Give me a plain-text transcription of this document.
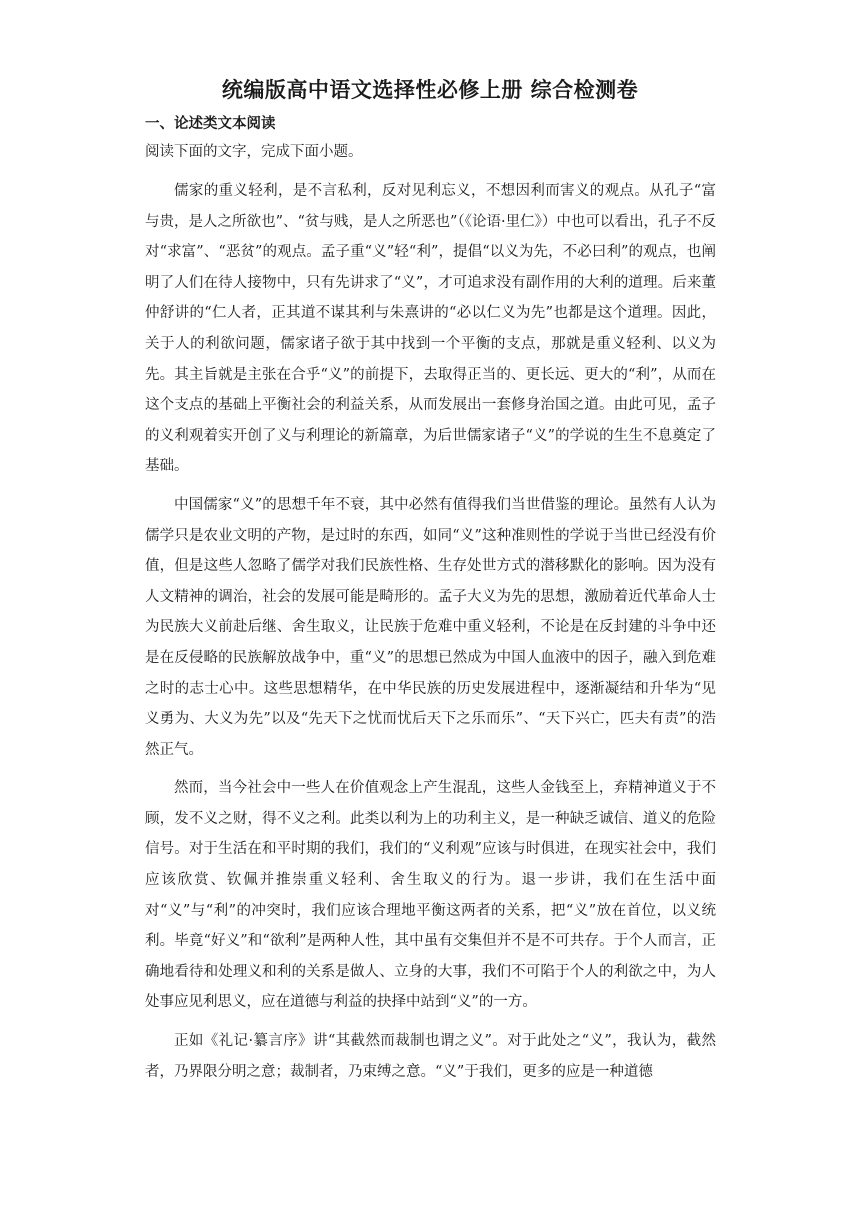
统编版高中语文选择性必修上册 综合检测卷
一、论述类文本阅读
阅读下面的文字，完成下面小题。

儒家的重义轻利，是不言私利，反对见利忘义，不想因利而害义的观点。从孔子“富与贵，是人之所欲也”、“贫与贱，是人之所恶也”（《论语·里仁》）中也可以看出，孔子不反对“求富”、“恶贫”的观点。孟子重“义”轻“利”，提倡“以义为先，不必曰利”的观点，也阐明了人们在待人接物中，只有先讲求了“义”，才可追求没有副作用的大利的道理。后来董仲舒讲的“仁人者，正其道不谋其利与朱熹讲的“必以仁义为先”也都是这个道理。因此，关于人的利欲问题，儒家诸子欲于其中找到一个平衡的支点，那就是重义轻利、以义为先。其主旨就是主张在合乎“义”的前提下，去取得正当的、更长远、更大的“利”，从而在这个支点的基础上平衡社会的利益关系，从而发展出一套修身治国之道。由此可见，孟子的义利观着实开创了义与利理论的新篇章，为后世儒家诸子“义”的学说的生生不息奠定了基础。

中国儒家“义”的思想千年不衰，其中必然有值得我们当世借鉴的理论。虽然有人认为儒学只是农业文明的产物，是过时的东西，如同“义”这种准则性的学说于当世已经没有价值，但是这些人忽略了儒学对我们民族性格、生存处世方式的潜移默化的影响。因为没有人文精神的调治，社会的发展可能是畸形的。孟子大义为先的思想，激励着近代革命人士为民族大义前赴后继、舍生取义，让民族于危难中重义轻利，不论是在反封建的斗争中还是在反侵略的民族解放战争中，重“义”的思想已然成为中国人血液中的因子，融入到危难之时的志士心中。这些思想精华，在中华民族的历史发展进程中，逐渐凝结和升华为“见义勇为、大义为先”以及“先天下之忧而忧后天下之乐而乐”、“天下兴亡，匹夫有责”的浩然正气。

然而，当今社会中一些人在价值观念上产生混乱，这些人金钱至上，弃精神道义于不顾，发不义之财，得不义之利。此类以利为上的功利主义，是一种缺乏诚信、道义的危险信号。对于生活在和平时期的我们，我们的“义利观”应该与时俱进，在现实社会中，我们应该欣赏、钦佩并推崇重义轻利、舍生取义的行为。退一步讲，我们在生活中面对“义”与“利”的冲突时，我们应该合理地平衡这两者的关系，把“义”放在首位，以义统利。毕竟“好义”和“欲利”是两种人性，其中虽有交集但并不是不可共存。于个人而言，正确地看待和处理义和利的关系是做人、立身的大事，我们不可陷于个人的利欲之中，为人处事应见利思义，应在道德与利益的抉择中站到“义”的一方。

正如《礼记·纂言序》讲“其截然而裁制也谓之义”。对于此处之“义”，我认为，截然者，乃界限分明之意；裁制者，乃束缚之意。“义”于我们，更多的应是一种道德
